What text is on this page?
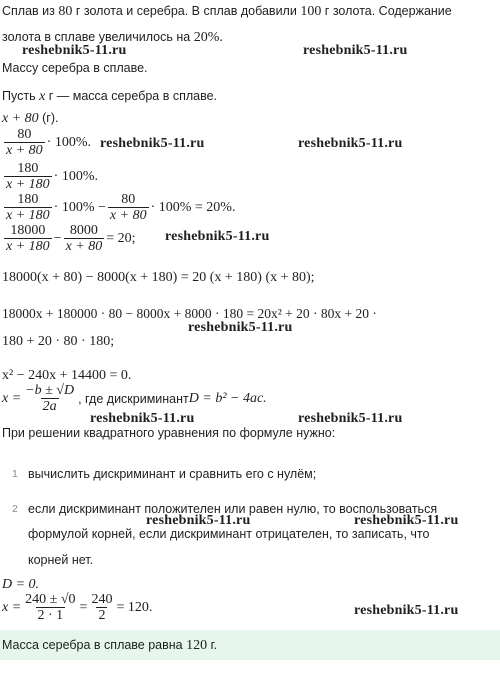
Сплав из 80 г золота и серебра. В сплав добавили 100 г золота. Содержание
золота в сплаве увеличилось на 20%.
reshebnik5-11.ru	reshebnik5-11.ru
Массу серебра в сплаве.
Пусть x г — масса серебра в сплаве.
x + 80 (г).
$\frac{80}{x + 80} \cdot 100\%$. reshebnik5-11.ru	reshebnik5-11.ru
$\frac{180}{x + 180} \cdot 100\%$.
$\frac{180}{x + 180} \cdot 100\% - \frac{80}{x + 80} \cdot 100\% = 20\%$.
$\frac{18000}{x + 180} - \frac{8000}{x + 80} = 20$; reshebnik5-11.ru
18000(x + 80) − 8000(x + 180) = 20 (x + 180) (x + 80);
18000x + 180000 · 80 − 8000x + 8000 · 180 = 20x² + 20 · 80x + 20 ·
reshebnik5-11.ru
180 + 20 · 80 · 180;
x² − 240x + 14400 = 0.
$x = \frac{-b \pm √D}{2a}$ , где дискриминант D = b² − 4ac.
reshebnik5-11.ru	reshebnik5-11.ru
При решении квадратного уравнения по формуле нужно:
1 вычислить дискриминант и сравнить его с нулём;
2 если дискриминант положителен или равен нулю, то воспользоваться
reshebnik5-11.ru	reshebnik5-11.ru
формулой корней, если дискриминант отрицателен, то записать, что
корней нет.
D = 0.
$x = \frac{240 \pm √0}{2 \cdot 1} = \frac{240}{2} = 120$.	reshebnik5-11.ru
Масса серебра в сплаве равна 120 г.
